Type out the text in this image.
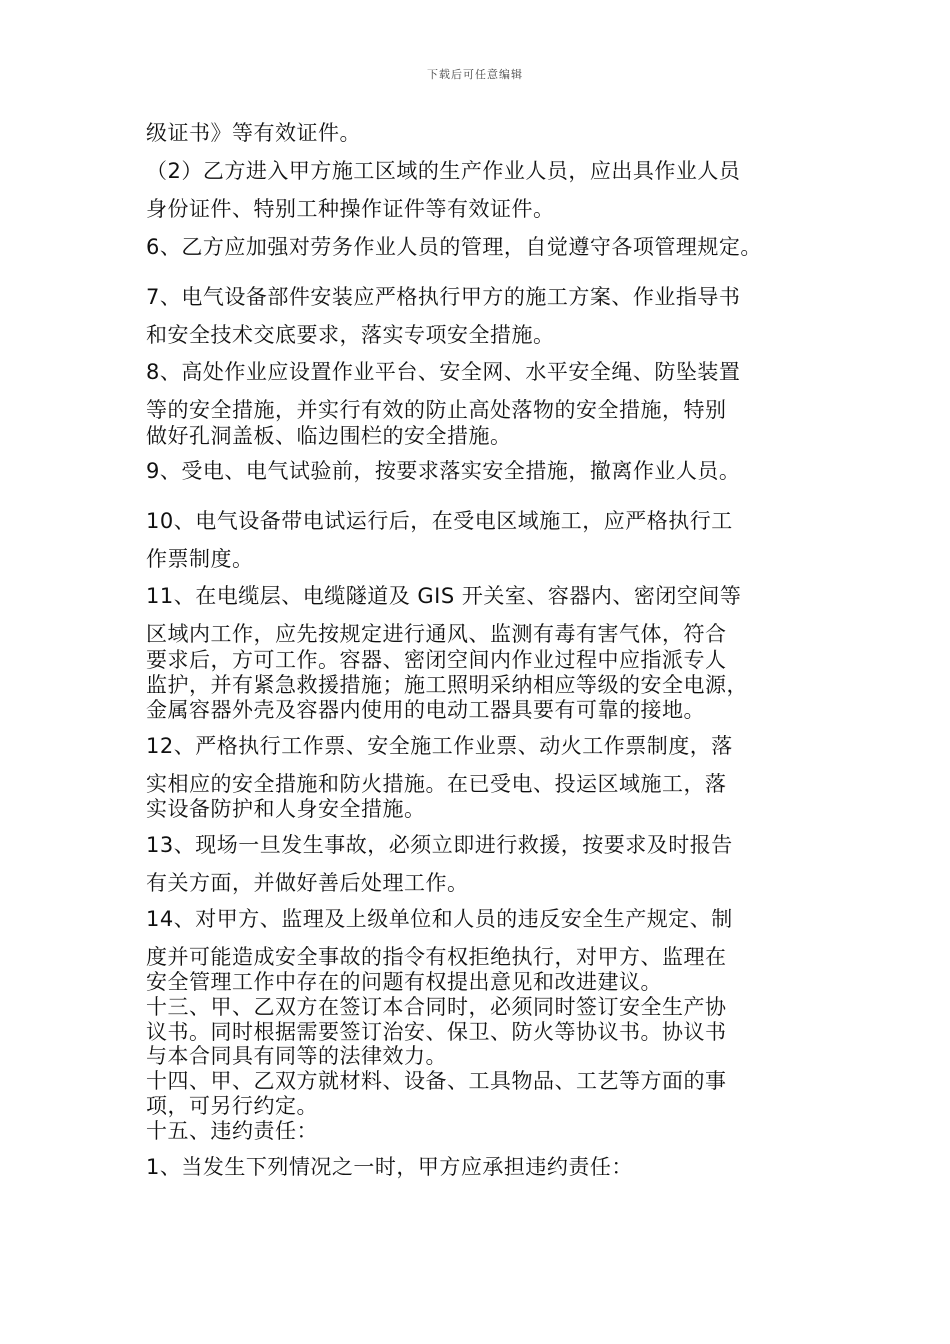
下载后可任意编辑
级证书》等有效证件。
（2）乙方进入甲方施工区域的生产作业人员，应出具作业人员
身份证件、特别工种操作证件等有效证件。
6、乙方应加强对劳务作业人员的管理，自觉遵守各项管理规定。
7、电气设备部件安装应严格执行甲方的施工方案、作业指导书
和安全技术交底要求，落实专项安全措施。
8、高处作业应设置作业平台、安全网、水平安全绳、防坠装置
等的安全措施，并实行有效的防止高处落物的安全措施，特别
做好孔洞盖板、临边围栏的安全措施。
9、受电、电气试验前，按要求落实安全措施，撤离作业人员。
10、电气设备带电试运行后，在受电区域施工，应严格执行工
作票制度。
11、在电缆层、电缆隧道及 GIS 开关室、容器内、密闭空间等
区域内工作，应先按规定进行通风、监测有毒有害气体，符合
要求后，方可工作。容器、密闭空间内作业过程中应指派专人
监护，并有紧急救援措施；施工照明采纳相应等级的安全电源，
金属容器外壳及容器内使用的电动工器具要有可靠的接地。
12、严格执行工作票、安全施工作业票、动火工作票制度，落
实相应的安全措施和防火措施。在已受电、投运区域施工，落
实设备防护和人身安全措施。
13、现场一旦发生事故，必须立即进行救援，按要求及时报告
有关方面，并做好善后处理工作。
14、对甲方、监理及上级单位和人员的违反安全生产规定、制
度并可能造成安全事故的指令有权拒绝执行，对甲方、监理在
安全管理工作中存在的问题有权提出意见和改进建议。
十三、甲、乙双方在签订本合同时，必须同时签订安全生产协
议书。同时根据需要签订治安、保卫、防火等协议书。协议书
与本合同具有同等的法律效力。
十四、甲、乙双方就材料、设备、工具物品、工艺等方面的事
项，可另行约定。
十五、违约责任：
1、当发生下列情况之一时，甲方应承担违约责任：
